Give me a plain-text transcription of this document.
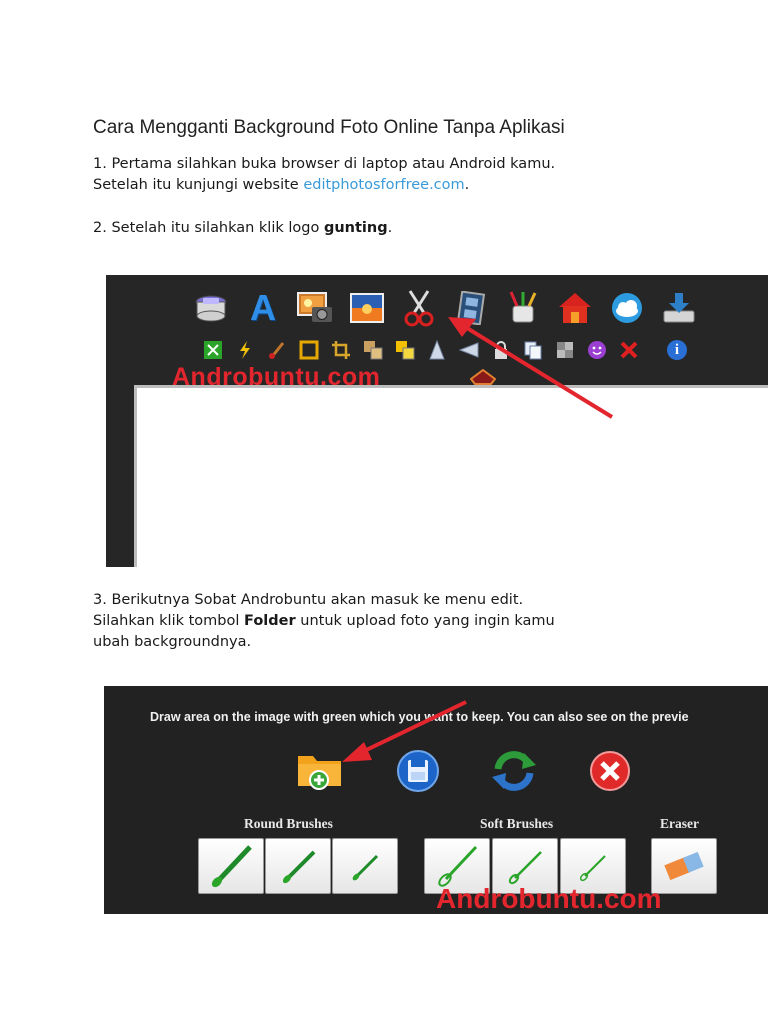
Cara Mengganti Background Foto Online Tanpa Aplikasi
1. Pertama silahkan buka browser di laptop atau Android kamu.
Setelah itu kunjungi website editphotosforfree.com.
2. Setelah itu silahkan klik logo gunting.
A
i
Androbuntu.com
3. Berikutnya Sobat Androbuntu akan masuk ke menu edit.
Silahkan klik tombol Folder untuk upload foto yang ingin kamu
ubah backgroundnya.
Draw area on the image with green which you want to keep. You can also see on the previe
Round Brushes	Soft Brushes	Eraser
Androbuntu.com
